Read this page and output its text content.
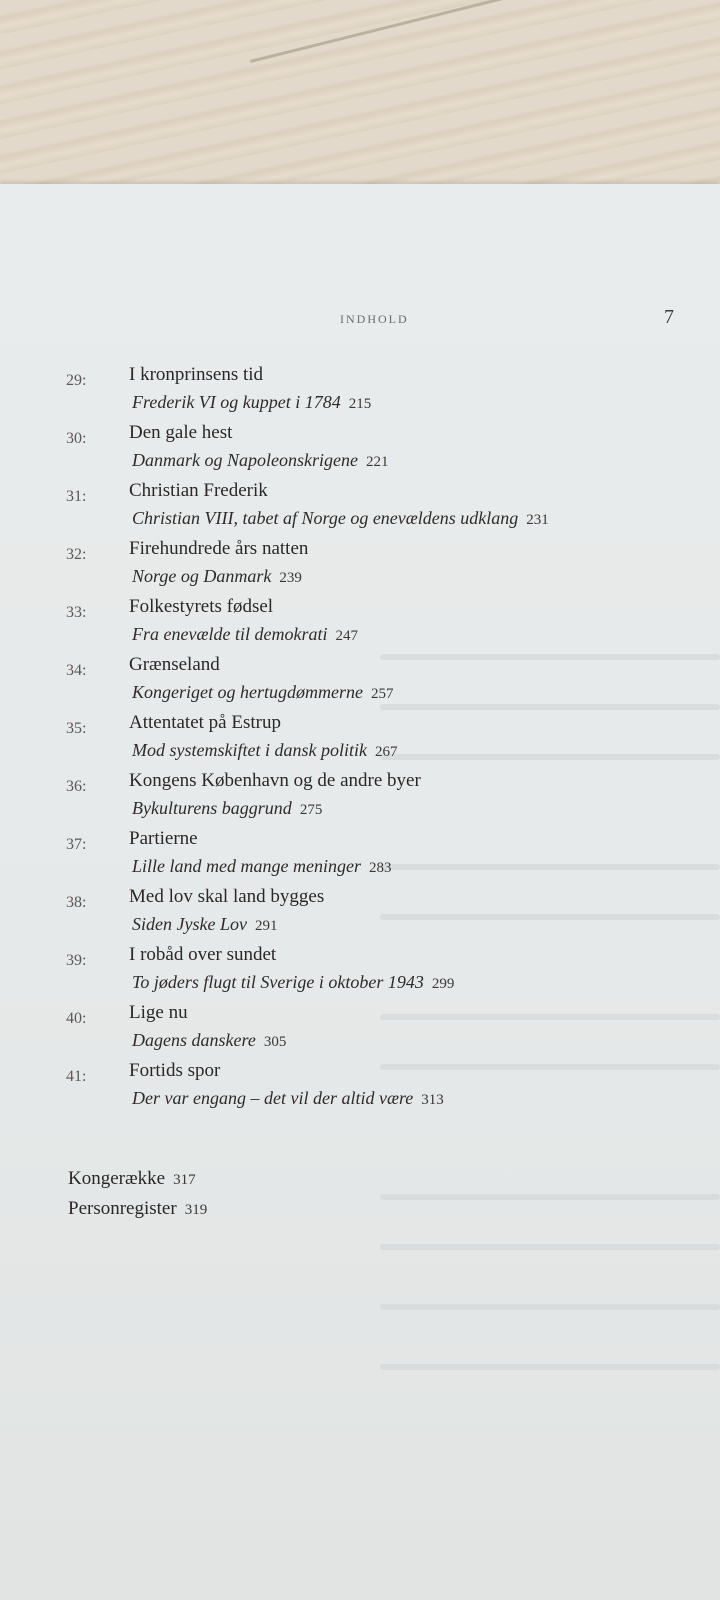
INDHOLD	7
29: I kronprinsens tid
Frederik VI og kuppet i 1784 215
30: Den gale hest
Danmark og Napoleonskrigene 221
31: Christian Frederik
Christian VIII, tabet af Norge og enevældens udklang 231
32: Firehundrede års natten
Norge og Danmark 239
33: Folkestyrets fødsel
Fra enevælde til demokrati 247
34: Grænseland
Kongeriget og hertugdømmerne 257
35: Attentatet på Estrup
Mod systemskiftet i dansk politik 267
36: Kongens København og de andre byer
Bykulturens baggrund 275
37: Partierne
Lille land med mange meninger 283
38: Med lov skal land bygges
Siden Jyske Lov 291
39: I robåd over sundet
To jøders flugt til Sverige i oktober 1943 299
40: Lige nu
Dagens danskere 305
41: Fortids spor
Der var engang – det vil der altid være 313
Kongerække 317
Personregister 319
